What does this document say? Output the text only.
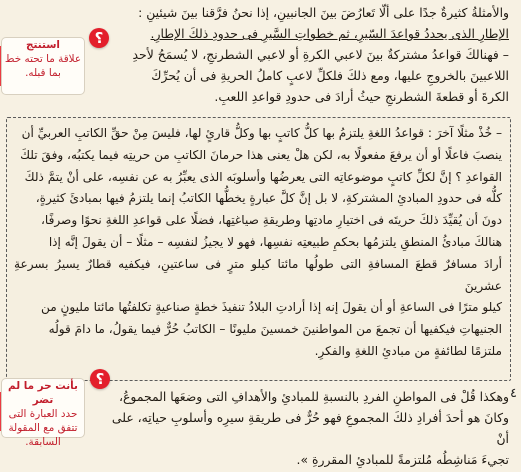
والأمثلةُ كثيرةٌ جدًا على ألّا تَعارُضَ بينَ الجانبينِ، إذا نحنُ فرَّقنا بينَ شيئينِ :

الإطارِ الذى يحددُ قواعدَ السّيرِ، ثم خطواتِ السَّيرِ فى حدودِ ذلكَ الإطارِ.

– فهنالكَ قواعدُ مشتركةٌ بينَ لاعبي الكرةِ أو لاعبي الشطرنجِ، لا يُسمَحُ لأحدِ

اللاعبينَ بالخروجِ عليها، ومع ذلكَ فلكلِّ لاعبٍ كاملُ الحريةِ فى أن يُحرِّكَ

الكرةَ أو قطعةَ الشطرنجِ حيثُ أرادَ فى حدودِ قواعدِ اللعبِ.

– خُذْ مثلًا آخرَ : قواعدُ اللغةِ يلتزمُ بها كلُّ كاتبٍ بها وكلُّ قارئٍ لها، فليسَ مِنْ حقِّ الكاتبِ العربيِّ أن

ينصبَ فاعلًا أو أن يرفعَ مفعولًا به، لكن هلْ يعنى هذا حرمانَ الكاتبِ من حريتِه فيما يكتبُه، وفقَ تلكَ

القواعدِ ؟ إنَّ لكلِّ كاتبٍ موضوعاتِه التى يعرضُها وأسلوبَه الذى يعبِّرُ به عن نفسِه، على أنْ يتمَّ ذلكَ

كلُّه فى حدودِ المبادئِ المشتركةِ، لا بل إنَّ كلَّ عبارةٍ يخطُّها الكاتبُ إنما يلتزمُ فيها بمبادئَ كثيرةٍ،

دونَ أن يُقيِّدَ ذلكَ حريتَه فى اختيارِ مادتِها وطريقةِ صياغتِها، فضلًا على قواعدِ اللغةِ نحوًا وصرفًا،

هنالكَ مبادئُ المنطقِ يلتزمُها بحكمِ طبيعتِه نفسِها، فهو لا يجيزُ لنفسِه – مثلًا – أن يقولَ إنَّه إذا

أرادَ مسافرٌ قطعَ المسافةِ التى طولُها مائتا كيلو مترٍ فى ساعتينِ، فيكفيه قطارٌ يسيرُ بسرعةِ عشرينَ

كيلو مترًا فى الساعةِ أو أن يقولَ إنه إذا أرادتِ البلادُ تنفيذَ خطةٍ صناعيةٍ تكلفتُها مائتا مليونٍ من

الجنيهاتِ فيكفيها أن تجمعَ من المواطنينَ خمسينَ مليونًا – الكاتبُ حُرٌّ فيما يقولُ، ما دامَ قولُه

ملتزمًا لطائفةٍ من مبادئِ اللغةِ والفكرِ.

٤

وهكذا قُلْ فى المواطنِ الفردِ بالنسبةِ للمبادئِ والأهدافِ التى وضعَها المجموعُ،

وكانَ هو أحدَ أفرادِ ذلكَ المجموعِ فهو حُرٌّ فى طريقةِ سيرِه وأسلوبِ حياتِه، على أنْ

تجيءَ مَناشِطُه مُلتزمةً للمبادئِ المقررةِ ».

استنتج
علاقة ما تحته خط بما قبله.
؟
بأنت حر ما لم تضر
حدد العبارة التى تتفق مع المقولة السابقة.
؟
